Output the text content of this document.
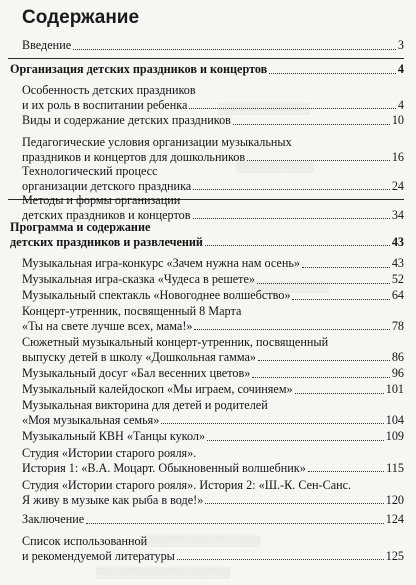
▒▒▒▒▒▒▒▒▒▒▒▒▒
▒▒▒▒▒▒▒▒▒▒▒
▒▒▒▒▒▒▒▒▒▒▒▒
▒▒▒▒▒▒▒▒▒▒▒▒▒▒▒▒▒
▒▒▒▒▒▒▒▒▒▒▒▒▒▒▒▒▒▒▒
Содержание
Введение	3
Организация детских праздников и концертов	4
Особенность детских праздников
и их роль в воспитании ребенка	4
Виды и содержание детских праздников	10
Педагогические условия организации музыкальных
праздников и концертов для дошкольников	16
Технологический процесс
организации детского праздника	24
Методы и формы организации
детских праздников и концертов	34
Программа и содержание
детских праздников и развлечений	43
Музыкальная игра-конкурс «Зачем нужна нам осень»	43
Музыкальная игра-сказка «Чудеса в решете»	52
Музыкальный спектакль «Новогоднее волшебство»	64
Концерт-утренник, посвященный 8 Марта
«Ты на свете лучше всех, мама!»	78
Сюжетный музыкальный концерт-утренник, посвященный
выпуску детей в школу «Дошкольная гамма»	86
Музыкальный досуг «Бал весенних цветов»	96
Музыкальный калейдоскоп «Мы играем, сочиняем»	101
Музыкальная викторина для детей и родителей
«Моя музыкальная семья»	104
Музыкальный КВН «Танцы кукол»	109
Студия «Истории старого рояля».
История 1: «В.А. Моцарт. Обыкновенный волшебник»	115
Студия «Истории старого рояля». История 2: «Ш.-К. Сен-Санс.
Я живу в музыке как рыба в воде!»	120
Заключение	124
Список использованной
и рекомендуемой литературы	125
